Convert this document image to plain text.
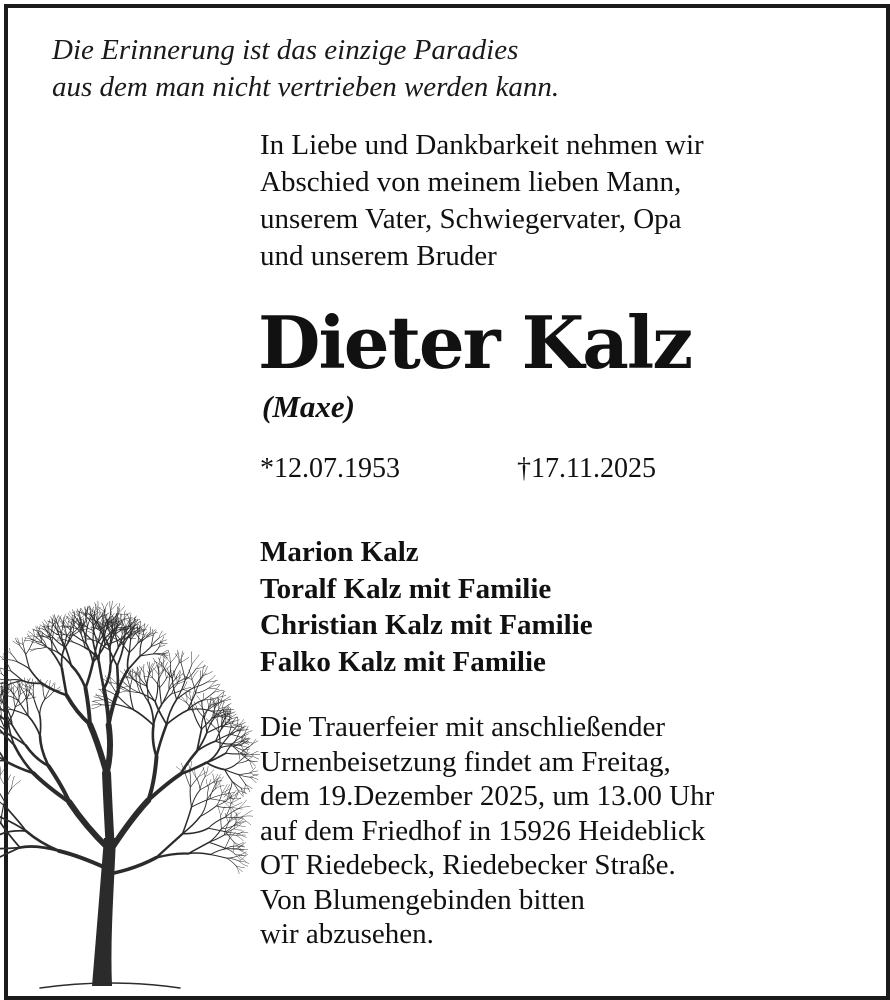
Die Erinnerung ist das einzige Paradies
aus dem man nicht vertrieben werden kann.
In Liebe und Dankbarkeit nehmen wir
Abschied von meinem lieben Mann,
unserem Vater, Schwiegervater, Opa
und unserem Bruder
Dieter Kalz
(Maxe)
*12.07.1953	†17.11.2025
Marion Kalz
Toralf Kalz mit Familie
Christian Kalz mit Familie
Falko Kalz mit Familie
Die Trauerfeier mit anschließender
Urnenbeisetzung findet am Freitag,
dem 19.Dezember 2025, um 13.00 Uhr
auf dem Friedhof in 15926 Heideblick
OT Riedebeck, Riedebecker Straße.
Von Blumengebinden bitten
wir abzusehen.
